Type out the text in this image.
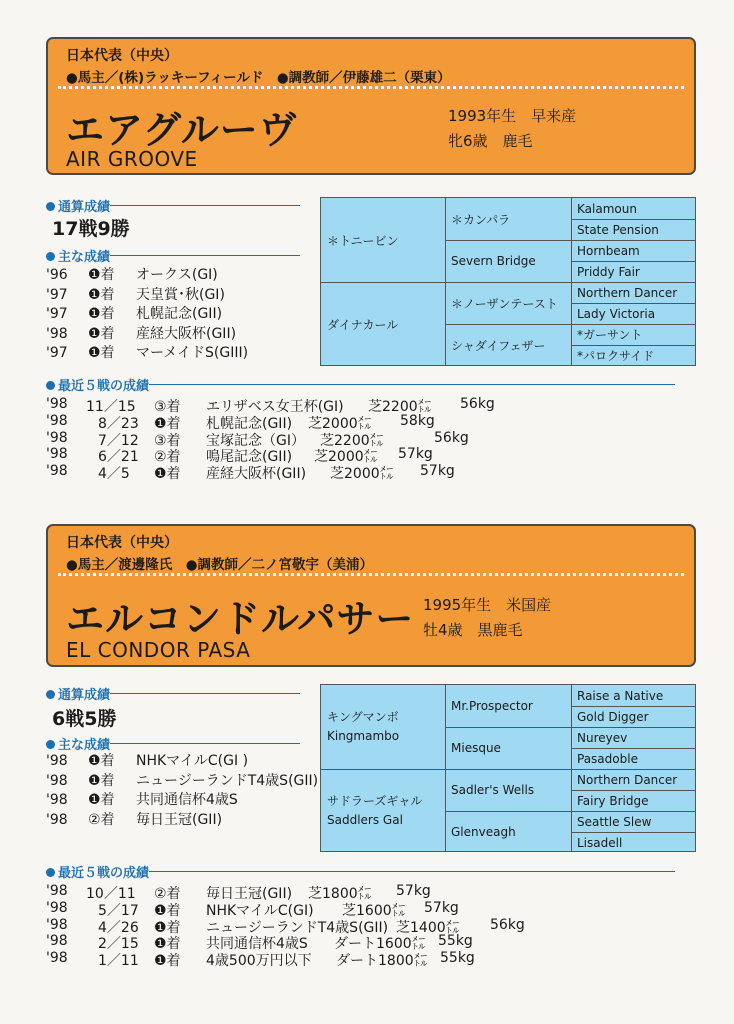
日本代表（中央）
●馬主／(株)ラッキーフィールド　●調教師／伊藤雄二（栗東）
エアグルーヴ
AIR GROOVE
1993年生　早来産
牝6歳　鹿毛
通算成績
17戦9勝
主な成績
'96 ❶着 オークス(GI)
'97 ❶着 天皇賞･秋(GI)
'97 ❶着 札幌記念(GII)
'98 ❶着 産経大阪杯(GII)
'97 ❶着 マーメイドS(GIII)
＊トニービン
ダイナカール
＊カンパラ
Severn Bridge
＊ノーザンテースト
シャダイフェザー
Kalamoun
State Pension
Hornbeam
Priddy Fair
Northern Dancer
Lady Victoria
*ガーサント
*パロクサイド
最近５戦の成績
'98 11／15 ③着 エリザベス女王杯(GI) 芝2200㍍ 56kg
'98 8／23 ❶着 札幌記念(GII) 芝2000㍍ 58kg
'98 7／12 ③着 宝塚記念（GI） 芝2200㍍	56kg
'98 6／21 ②着 鳴尾記念(GII) 芝2000㍍ 57kg
'98 4／5 ❶着 産経大阪杯(GII) 芝2000㍍ 57kg
日本代表（中央）
●馬主／渡邊隆氏　●調教師／二ノ宮敬宇（美浦）
エルコンドルパサー
EL CONDOR PASA
1995年生　米国産
牡4歳　黒鹿毛
通算成績
6戦5勝
主な成績
'98 ❶着 NHKマイルC(GI )
'98 ❶着 ニュージーランドT4歳S(GII)
'98 ❶着 共同通信杯4歳S
'98 ②着 毎日王冠(GII)
キングマンボ
Kingmambo
サドラーズギャル
Saddlers Gal
Mr.Prospector
Miesque
Sadler's Wells
Glenveagh
Raise a Native
Gold Digger
Nureyev
Pasadoble
Northern Dancer
Fairy Bridge
Seattle Slew
Lisadell
最近５戦の成績
'98 10／11 ②着 毎日王冠(GII) 芝1800㍍ 57kg
'98 5／17 ❶着 NHKマイルC(GI) 芝1600㍍ 57kg
'98 4／26 ❶着 ニュージーランドT4歳S(GII) 芝1400㍍ 56kg
'98 2／15 ❶着 共同通信杯4歳S ダート1600㍍ 55kg
'98 1／11 ❶着 4歳500万円以下 ダート1800㍍ 55kg
